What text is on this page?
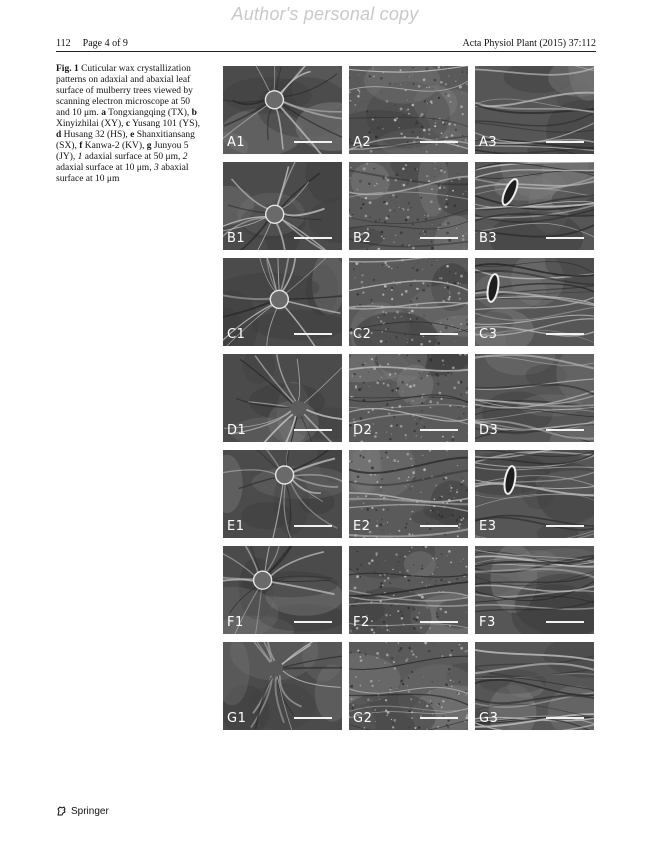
Author's personal copy
112 Page 4 of 9	Acta Physiol Plant (2015) 37:112
Fig. 1 Cuticular wax crystallization patterns on adaxial and abaxial leaf surface of mulberry trees viewed by scanning electron microscope at 50 and 10 μm. a Tongxiangqing (TX), b Xinyizhilai (XY), c Yusang 101 (YS), d Husang 32 (HS), e Shanxitiansang (SX), f Kanwa-2 (KV), g Junyou 5 (JY), 1 adaxial surface at 50 μm, 2 adaxial surface at 10 μm, 3 abaxial surface at 10 μm
A1	A2	A3
B1	B2	B3
C1	C2	C3
D1	D2	D3
E1	E2	E3
F1	F2	F3
G1	G2	G3
Springer
